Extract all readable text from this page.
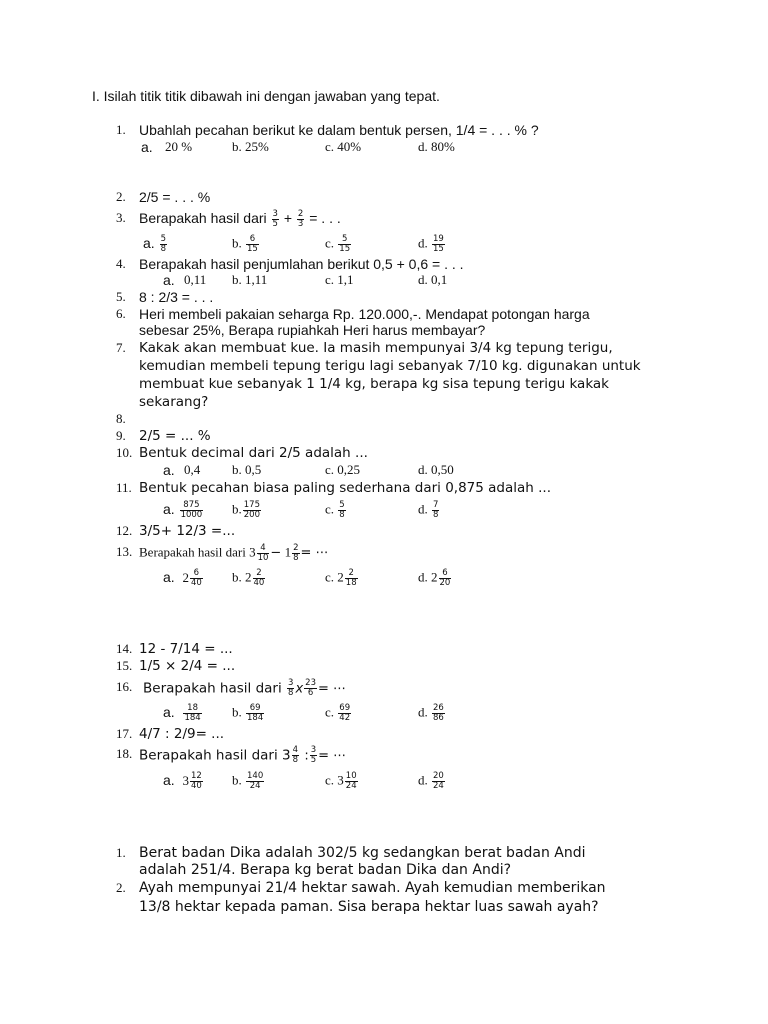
I. Isilah titik titik dibawah ini dengan jawaban yang tepat.
1. Ubahlah pecahan berikut ke dalam bentuk persen, 1/4 = . . . % ?
a. 20 %	b. 25%	c. 40%	d. 80%
2. 2/5 = . . . %
3. Berapakah hasil dari $\frac{3}{5} + \frac{2}{3}$ = . . .
a. $\frac{5}{8}$	b. $\frac{6}{15}$	c. $\frac{5}{15}$	d. $\frac{19}{15}$
4. Berapakah hasil penjumlahan berikut 0,5 + 0,6 = . . .
a. 0,11 b. 1,11	c. 1,1	d. 0,1
5. 8 : 2/3 = . . .
6. Heri membeli pakaian seharga Rp. 120.000,-. Mendapat potongan harga
sebesar 25%, Berapa rupiahkah Heri harus membayar?
7. Kakak akan membuat kue. Ia masih mempunyai 3/4 kg tepung terigu,
kemudian membeli tepung terigu lagi sebanyak 7/10 kg. digunakan untuk
membuat kue sebanyak 1 1/4 kg, berapa kg sisa tepung terigu kakak
sekarang?
8.
9. 2/5 = ... %
10. Bentuk decimal dari 2/5 adalah ...
a. 0,4 b. 0,5	c. 0,25	d. 0,50
11. Bentuk pecahan biasa paling sederhana dari 0,875 adalah ...
a. $\frac{875}{1000} b$. $\frac{175}{200}$	c. $\frac{5}{8}$	d. $\frac{7}{8}$
12. 3/5+ 12/3 =...
13. Berapakah hasil dari $3 \frac{4}{10} - 1 \frac{2}{8}$ = ⋯
a. $2 \frac{6}{40} b$. $2 \frac{2}{40}$	c. $2 \frac{2}{18}$	d. $2 \frac{6}{20}$
14. 12 - 7/14 = ...
15. 1/5 × 2/4 = ...
16. Berapakah hasil dari $\frac{3}{8}$ x $\frac{23}{6}$ = ⋯
a. $\frac{18}{184} b$. $\frac{69}{184}$	c. $\frac{69}{42}$	d. $\frac{26}{86}$
17. 4/7 : 2/9= ...
18. Berapakah hasil dari $3 \frac{4}{8}$ : $\frac{3}{5}$ = ⋯
a. $3 \frac{12}{40} b$. $\frac{140}{24}$	c. $3 \frac{10}{24}$	d. $\frac{20}{24}$
1. Berat badan Dika adalah 302/5 kg sedangkan berat badan Andi
adalah 251/4. Berapa kg berat badan Dika dan Andi?
2. Ayah mempunyai 21/4 hektar sawah. Ayah kemudian memberikan
13/8 hektar kepada paman. Sisa berapa hektar luas sawah ayah?
